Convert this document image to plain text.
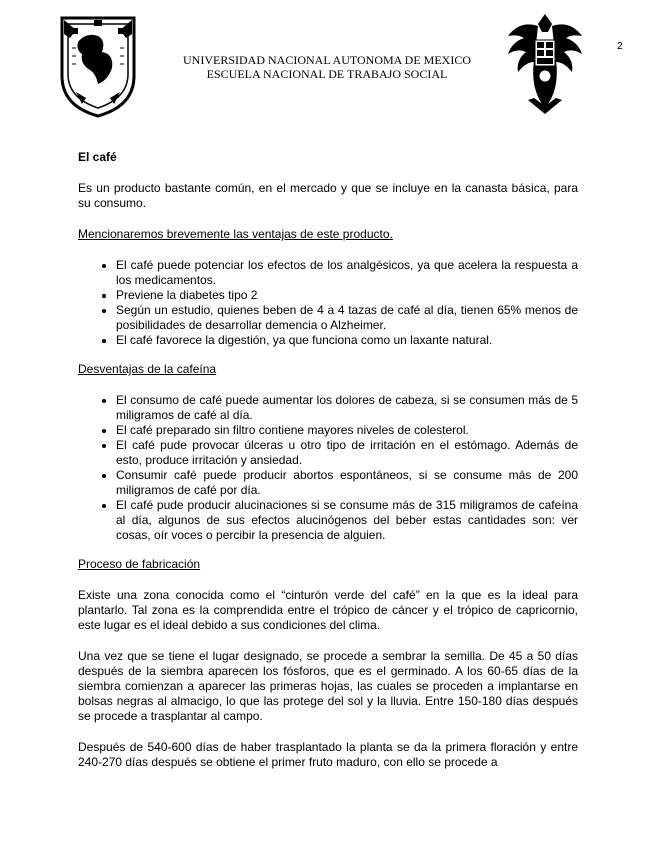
2
UNIVERSIDAD NACIONAL AUTONOMA DE MEXICO
ESCUELA NACIONAL DE TRABAJO SOCIAL

El café

Es un producto bastante común, en el mercado y que se incluye en la canasta básica, para su consumo.

Mencionaremos brevemente las ventajas de este producto.

• El café puede potenciar los efectos de los analgésicos, ya que acelera la respuesta a los medicamentos.
• Previene la diabetes tipo 2
• Según un estudio, quienes beben de 4 a 4 tazas de café al día, tienen 65% menos de posibilidades de desarrollar demencia o Alzheimer.
• El café favorece la digestión, ya que funciona como un laxante natural.

Desventajas de la cafeína

• El consumo de café puede aumentar los dolores de cabeza, si se consumen más de 5 miligramos de café al día.
• El café preparado sin filtro contiene mayores niveles de colesterol.
• El café pude provocar úlceras u otro tipo de irritación en el estómago. Además de esto, produce irritación y ansiedad.
• Consumir café puede producir abortos espontáneos, si se consume más de 200 miligramos de café por día.
• El café pude producir alucinaciones si se consume más de 315 miligramos de cafeína al día, algunos de sus efectos alucinógenos del beber estas cantidades son: ver cosas, oír voces o percibir la presencia de alguien.

Proceso de fabricación

Existe una zona conocida como el “cinturón verde del café” en la que es la ideal para plantarlo. Tal zona es la comprendida entre el trópico de cáncer y el trópico de capricornio, este lugar es el ideal debido a sus condiciones del clima.

Una vez que se tiene el lugar designado, se procede a sembrar la semilla. De 45 a 50 días después de la siembra aparecen los fósforos, que es el germinado. A los 60-65 días de la siembra comienzan a aparecer las primeras hojas, las cuales se proceden a implantarse en bolsas negras al almacigo, lo que las protege del sol y la lluvia. Entre 150-180 días después se procede a trasplantar al campo.

Después de 540-600 días de haber trasplantado la planta se da la primera floración y entre 240-270 días después se obtiene el primer fruto maduro, con ello se procede a
